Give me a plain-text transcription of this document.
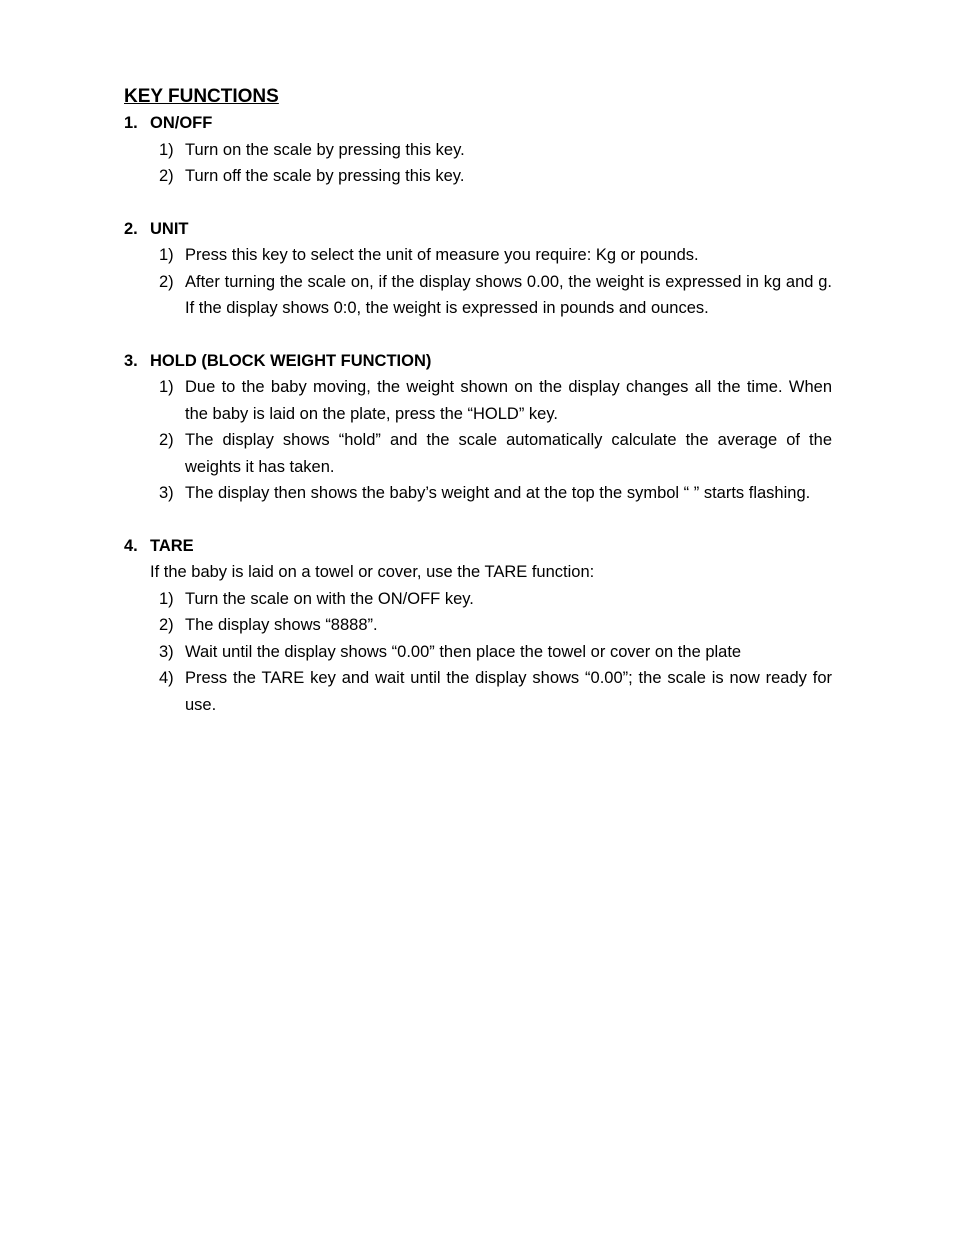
KEY FUNCTIONS
1. ON/OFF
1) Turn on the scale by pressing this key.
2) Turn off the scale by pressing this key.
2. UNIT
1) Press this key to select the unit of measure you require: Kg or pounds.
2) After turning the scale on, if the display shows 0.00, the weight is expressed in kg and g. If the display shows 0:0, the weight is expressed in pounds and ounces.
3. HOLD (BLOCK WEIGHT FUNCTION)
1) Due to the baby moving, the weight shown on the display changes all the time. When the baby is laid on the plate, press the “HOLD” key.
2) The display shows “hold” and the scale automatically calculate the average of the weights it has taken.
3) The display then shows the baby’s weight and at the top the symbol “ ” starts flashing.
4. TARE
If the baby is laid on a towel or cover, use the TARE function:
1) Turn the scale on with the ON/OFF key.
2) The display shows “8888”.
3) Wait until the display shows “0.00” then place the towel or cover on the plate
4) Press the TARE key and wait until the display shows “0.00”; the scale is now ready for use.
